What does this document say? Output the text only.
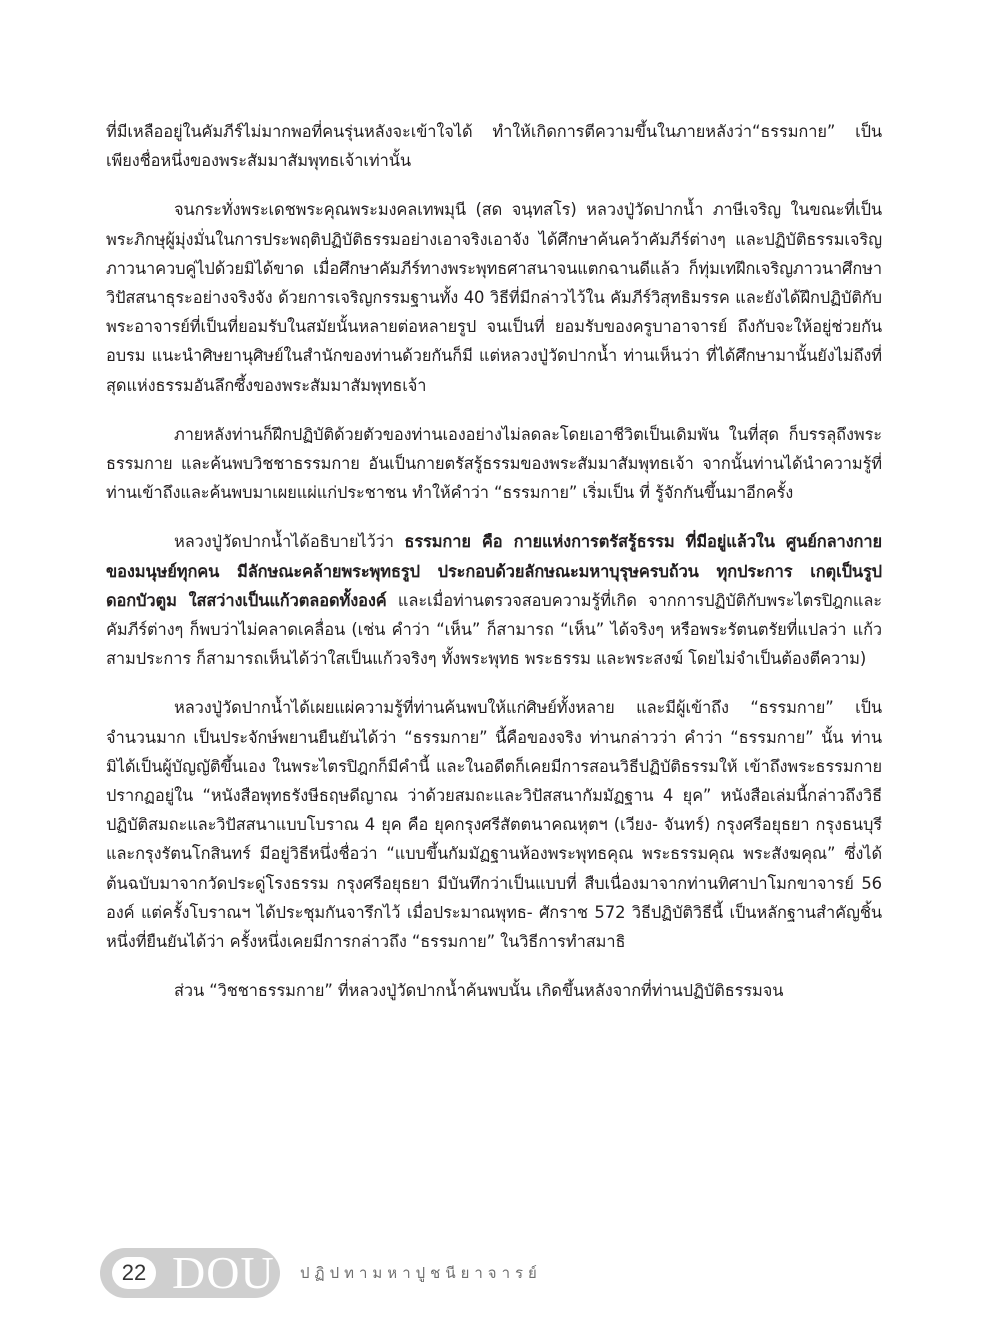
ที่มีเหลืออยู่ในคัมภีร์ไม่มากพอที่คนรุ่นหลังจะเข้าใจได้ ทำให้เกิดการตีความขึ้นในภายหลังว่า“ธรรมกาย” เป็นเพียงชื่อหนึ่งของพระสัมมาสัมพุทธเจ้าเท่านั้น

จนกระทั่งพระเดชพระคุณพระมงคลเทพมุนี (สด จนฺทสโร) หลวงปู่วัดปากน้ำ ภาษีเจริญ ในขณะที่เป็นพระภิกษุผู้มุ่งมั่นในการประพฤติปฏิบัติธรรมอย่างเอาจริงเอาจัง ได้ศึกษาค้นคว้าคัมภีร์ต่างๆ และปฏิบัติธรรมเจริญภาวนาควบคู่ไปด้วยมิได้ขาด เมื่อศึกษาคัมภีร์ทางพระพุทธศาสนาจนแตกฉานดีแล้ว ก็ทุ่มเทฝึกเจริญภาวนาศึกษาวิปัสสนาธุระอย่างจริงจัง ด้วยการเจริญกรรมฐานทั้ง 40 วิธีที่มีกล่าวไว้ใน คัมภีร์วิสุทธิมรรค และยังได้ฝึกปฏิบัติกับพระอาจารย์ที่เป็นที่ยอมรับในสมัยนั้นหลายต่อหลายรูป จนเป็นที่ ยอมรับของครูบาอาจารย์ ถึงกับจะให้อยู่ช่วยกันอบรม แนะนำศิษยานุศิษย์ในสำนักของท่านด้วยกันก็มี แต่หลวงปู่วัดปากน้ำ ท่านเห็นว่า ที่ได้ศึกษามานั้นยังไม่ถึงที่สุดแห่งธรรมอันลึกซึ้งของพระสัมมาสัมพุทธเจ้า

ภายหลังท่านก็ฝึกปฏิบัติด้วยตัวของท่านเองอย่างไม่ลดละโดยเอาชีวิตเป็นเดิมพัน ในที่สุด ก็บรรลุถึงพระธรรมกาย และค้นพบวิชชาธรรมกาย อันเป็นกายตรัสรู้ธรรมของพระสัมมาสัมพุทธเจ้า จากนั้นท่านได้นำความรู้ที่ท่านเข้าถึงและค้นพบมาเผยแผ่แก่ประชาชน ทำให้คำว่า “ธรรมกาย” เริ่มเป็น ที่ รู้จักกันขึ้นมาอีกครั้ง

หลวงปู่วัดปากน้ำได้อธิบายไว้ว่า ธรรมกาย คือ กายแห่งการตรัสรู้ธรรม ที่มีอยู่แล้วใน ศูนย์กลางกายของมนุษย์ทุกคน มีลักษณะคล้ายพระพุทธรูป ประกอบด้วยลักษณะมหาบุรุษครบถ้วน ทุกประการ เกตุเป็นรูปดอกบัวตูม ใสสว่างเป็นแก้วตลอดทั้งองค์ และเมื่อท่านตรวจสอบความรู้ที่เกิด จากการปฏิบัติกับพระไตรปิฎกและคัมภีร์ต่างๆ ก็พบว่าไม่คลาดเคลื่อน (เช่น คำว่า “เห็น” ก็สามารถ “เห็น” ได้จริงๆ หรือพระรัตนตรัยที่แปลว่า แก้วสามประการ ก็สามารถเห็นได้ว่าใสเป็นแก้วจริงๆ ทั้งพระพุทธ พระธรรม และพระสงฆ์ โดยไม่จำเป็นต้องตีความ)

หลวงปู่วัดปากน้ำได้เผยแผ่ความรู้ที่ท่านค้นพบให้แก่ศิษย์ทั้งหลาย และมีผู้เข้าถึง “ธรรมกาย” เป็นจำนวนมาก เป็นประจักษ์พยานยืนยันได้ว่า “ธรรมกาย” นี้คือของจริง ท่านกล่าวว่า คำว่า “ธรรมกาย” นั้น ท่านมิได้เป็นผู้บัญญัติขึ้นเอง ในพระไตรปิฎกก็มีคำนี้ และในอดีตก็เคยมีการสอนวิธีปฏิบัติธรรมให้ เข้าถึงพระธรรมกาย ปรากฏอยู่ใน “หนังสือพุทธรังษีธฤษดีญาณ ว่าด้วยสมถะและวิปัสสนากัมมัฏฐาน 4 ยุค” หนังสือเล่มนี้กล่าวถึงวิธีปฏิบัติสมถะและวิปัสสนาแบบโบราณ 4 ยุค คือ ยุคกรุงศรีสัตตนาคณหุตฯ (เวียง- จันทร์) กรุงศรีอยุธยา กรุงธนบุรี และกรุงรัตนโกสินทร์ มีอยู่วิธีหนึ่งชื่อว่า “แบบขึ้นกัมมัฏฐานห้องพระพุทธคุณ พระธรรมคุณ พระสังฆคุณ” ซึ่งได้ต้นฉบับมาจากวัดประดู่โรงธรรม กรุงศรีอยุธยา มีบันทึกว่าเป็นแบบที่ สืบเนื่องมาจากท่านทิศาปาโมกขาจารย์ 56 องค์ แต่ครั้งโบราณฯ ได้ประชุมกันจารึกไว้ เมื่อประมาณพุทธ- ศักราช 572 วิธีปฏิบัติวิธีนี้ เป็นหลักฐานสำคัญชิ้นหนึ่งที่ยืนยันได้ว่า ครั้งหนึ่งเคยมีการกล่าวถึง “ธรรมกาย” ในวิธีการทำสมาธิ

ส่วน “วิชชาธรรมกาย” ที่หลวงปู่วัดปากน้ำค้นพบนั้น เกิดขึ้นหลังจากที่ท่านปฏิบัติธรรมจน

22 DOU ปฏิปทามหาปูชนียาจารย์
